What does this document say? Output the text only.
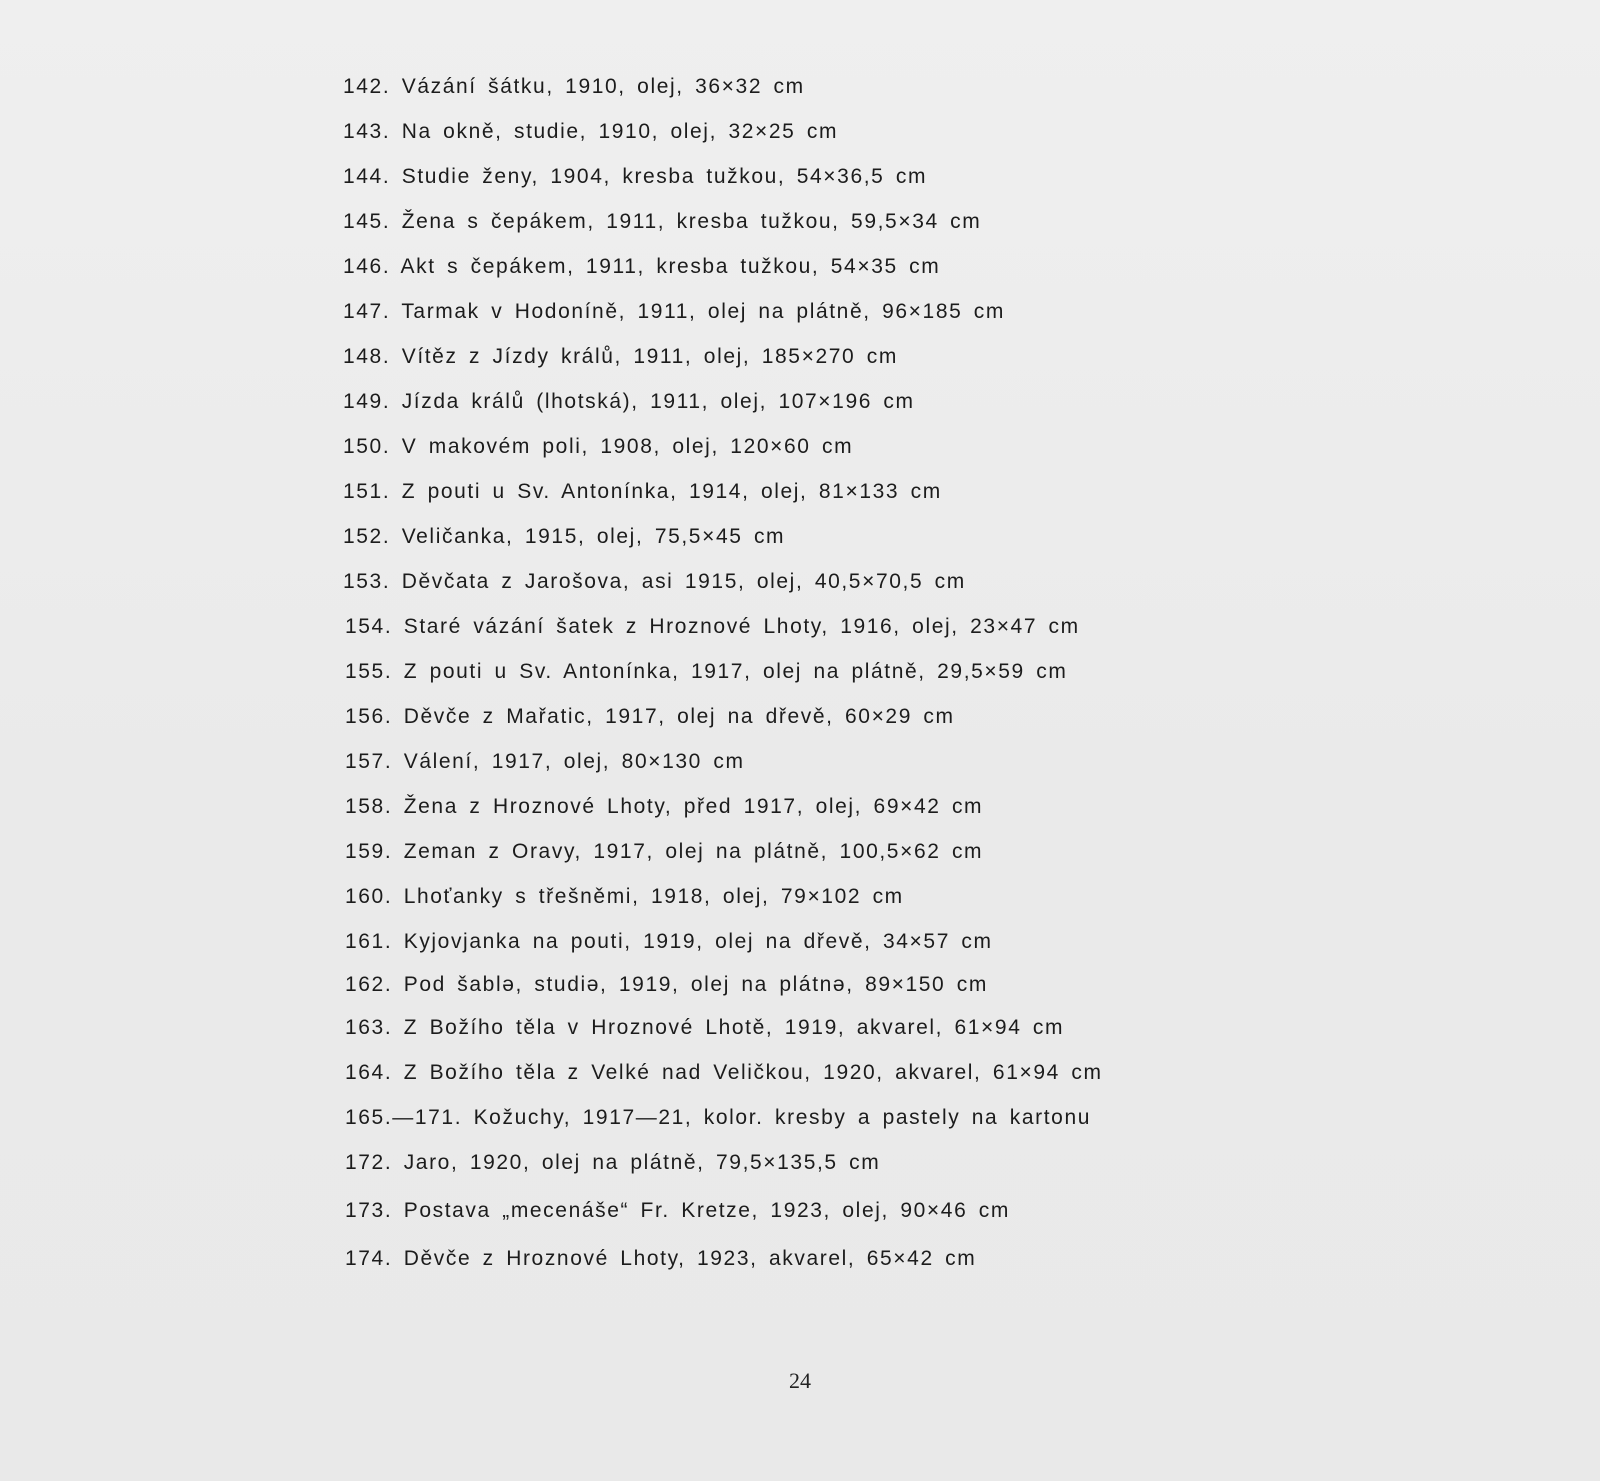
142. Vázání šátku, 1910, olej, 36×32 cm
143. Na okně, studie, 1910, olej, 32×25 cm
144. Studie ženy, 1904, kresba tužkou, 54×36,5 cm
145. Žena s čepákem, 1911, kresba tužkou, 59,5×34 cm
146. Akt s čepákem, 1911, kresba tužkou, 54×35 cm
147. Tarmak v Hodoníně, 1911, olej na plátně, 96×185 cm
148. Vítěz z Jízdy králů, 1911, olej, 185×270 cm
149. Jízda králů (lhotská), 1911, olej, 107×196 cm
150. V makovém poli, 1908, olej, 120×60 cm
151. Z pouti u Sv. Antonínka, 1914, olej, 81×133 cm
152. Veličanka, 1915, olej, 75,5×45 cm
153. Děvčata z Jarošova, asi 1915, olej, 40,5×70,5 cm
154. Staré vázání šatek z Hroznové Lhoty, 1916, olej, 23×47 cm
155. Z pouti u Sv. Antonínka, 1917, olej na plátně, 29,5×59 cm
156. Děvče z Mařatic, 1917, olej na dřevě, 60×29 cm
157. Válení, 1917, olej, 80×130 cm
158. Žena z Hroznové Lhoty, před 1917, olej, 69×42 cm
159. Zeman z Oravy, 1917, olej na plátně, 100,5×62 cm
160. Lhoťanky s třešněmi, 1918, olej, 79×102 cm
161. Kyjovjanka na pouti, 1919, olej na dřevě, 34×57 cm
162. Pod šablə, studiə, 1919, olej na plátnǝ, 89×150 cm
163. Z Božího těla v Hroznové Lhotě, 1919, akvarel, 61×94 cm
164. Z Božího těla z Velké nad Veličkou, 1920, akvarel, 61×94 cm
165.—171. Kožuchy, 1917—21, kolor. kresby a pastely na kartonu
172. Jaro, 1920, olej na plátně, 79,5×135,5 cm
173. Postava „mecenáše“ Fr. Kretze, 1923, olej, 90×46 cm
174. Děvče z Hroznové Lhoty, 1923, akvarel, 65×42 cm

24
